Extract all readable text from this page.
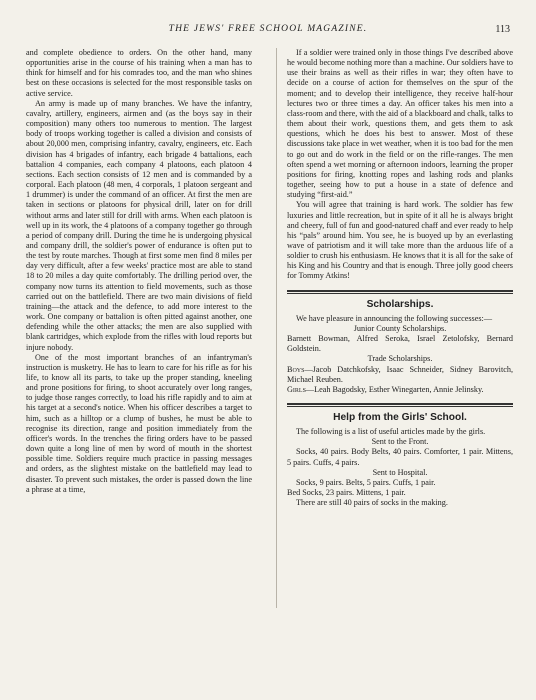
THE JEWS' FREE SCHOOL MAGAZINE.	113

and complete obedience to orders. On the other hand, many opportunities arise in the course of his training when a man has to think for himself and for his comrades too, and the man who shines best on these occasions is selected for the most responsible tasks on active service.

An army is made up of many branches. We have the infantry, cavalry, artillery, engineers, airmen and (as the boys say in their composition) many others too numerous to mention. The largest body of troops working together is called a division and consists of about 20,000 men, comprising infantry, cavalry, engineers, etc. Each division has 4 brigades of infantry, each brigade 4 battalions, each battalion 4 companies, each company 4 platoons, each platoon 4 sections. Each section consists of 12 men and is commanded by a corporal. Each platoon (48 men, 4 corporals, 1 platoon sergeant and 1 drummer) is under the command of an officer. At first the men are taken in sections or platoons for physical drill, later on for drill without arms and later still for drill with arms. When each platoon is well up in its work, the 4 platoons of a company together go through a period of company drill. During the time he is undergoing physical and company drill, the soldier's power of endurance is often put to the test by route marches. Though at first some men find 8 miles per day very difficult, after a few weeks' practice most are able to stand 18 to 20 miles a day quite comfortably. The drilling period over, the company now turns its attention to field movements, such as those carried out on the battlefield. There are two main divisions of field training—the attack and the defence, to add more interest to the work. One company or battalion is often pitted against another, one defending while the other attacks; the men are also supplied with blank cartridges, which explode from the rifles with loud reports but injure nobody.

One of the most important branches of an infantryman's instruction is musketry. He has to learn to care for his rifle as for his life, to know all its parts, to take up the proper standing, kneeling and prone positions for firing, to shoot accurately over long ranges, to judge those ranges correctly, to load his rifle rapidly and to aim at his target at a second's notice. When his officer describes a target to him, such as a hilltop or a clump of bushes, he must be able to recognise its direction, range and position immediately from the officer's words. In the trenches the firing orders have to be passed down quite a long line of men by word of mouth in the shortest possible time. Soldiers require much practice in passing messages and orders, as the slightest mistake on the battlefield may lead to disaster. To prevent such mistakes, the order is passed down the line a phrase at a time,

If a soldier were trained only in those things I've described above he would become nothing more than a machine. Our soldiers have to use their brains as well as their rifles in war; they often have to decide on a course of action for themselves on the spur of the moment; and to develop their intelligence, they receive half-hour lectures two or three times a day. An officer takes his men into a class-room and there, with the aid of a blackboard and chalk, talks to them about their work, questions them, and gets them to ask questions, which he does his best to answer. Most of these discussions take place in wet weather, when it is too bad for the men to go out and do work in the field or on the rifle-ranges. The men often spend a wet morning or afternoon indoors, learning the proper positions for firing, knotting ropes and lashing rods and planks together, seeing how to put a house in a state of defence and studying “first-aid.”

You will agree that training is hard work. The soldier has few luxuries and little recreation, but in spite of it all he is always bright and cheery, full of fun and good-natured chaff and ever ready to help his “pals” around him. You see, he is buoyed up by an everlasting wave of patriotism and it will take more than the arduous life of a soldier to crush his enthusiasm. He knows that it is all for the sake of his King and his Country and that is enough. Three jolly good cheers for Tommy Atkins!

Scholarships.

We have pleasure in announcing the following successes:—

Junior County Scholarships.

Barnett Bowman, Alfred Seroka, Israel Zetolofsky, Bernard Goldstein.

Trade Scholarships.

Boys—Jacob Datchkofsky, Isaac Schneider, Sidney Barovitch, Michael Reuben.

Girls—Leah Bagodsky, Esther Winegarten, Annie Jelinsky.

Help from the Girls' School.

The following is a list of useful articles made by the girls.

Sent to the Front.

Socks, 40 pairs. Body Belts, 40 pairs. Comforter, 1 pair. Mittens, 5 pairs. Cuffs, 4 pairs.

Sent to Hospital.

Socks, 9 pairs. Belts, 5 pairs. Cuffs, 1 pair.

Bed Socks, 23 pairs. Mittens, 1 pair.

There are still 40 pairs of socks in the making.
